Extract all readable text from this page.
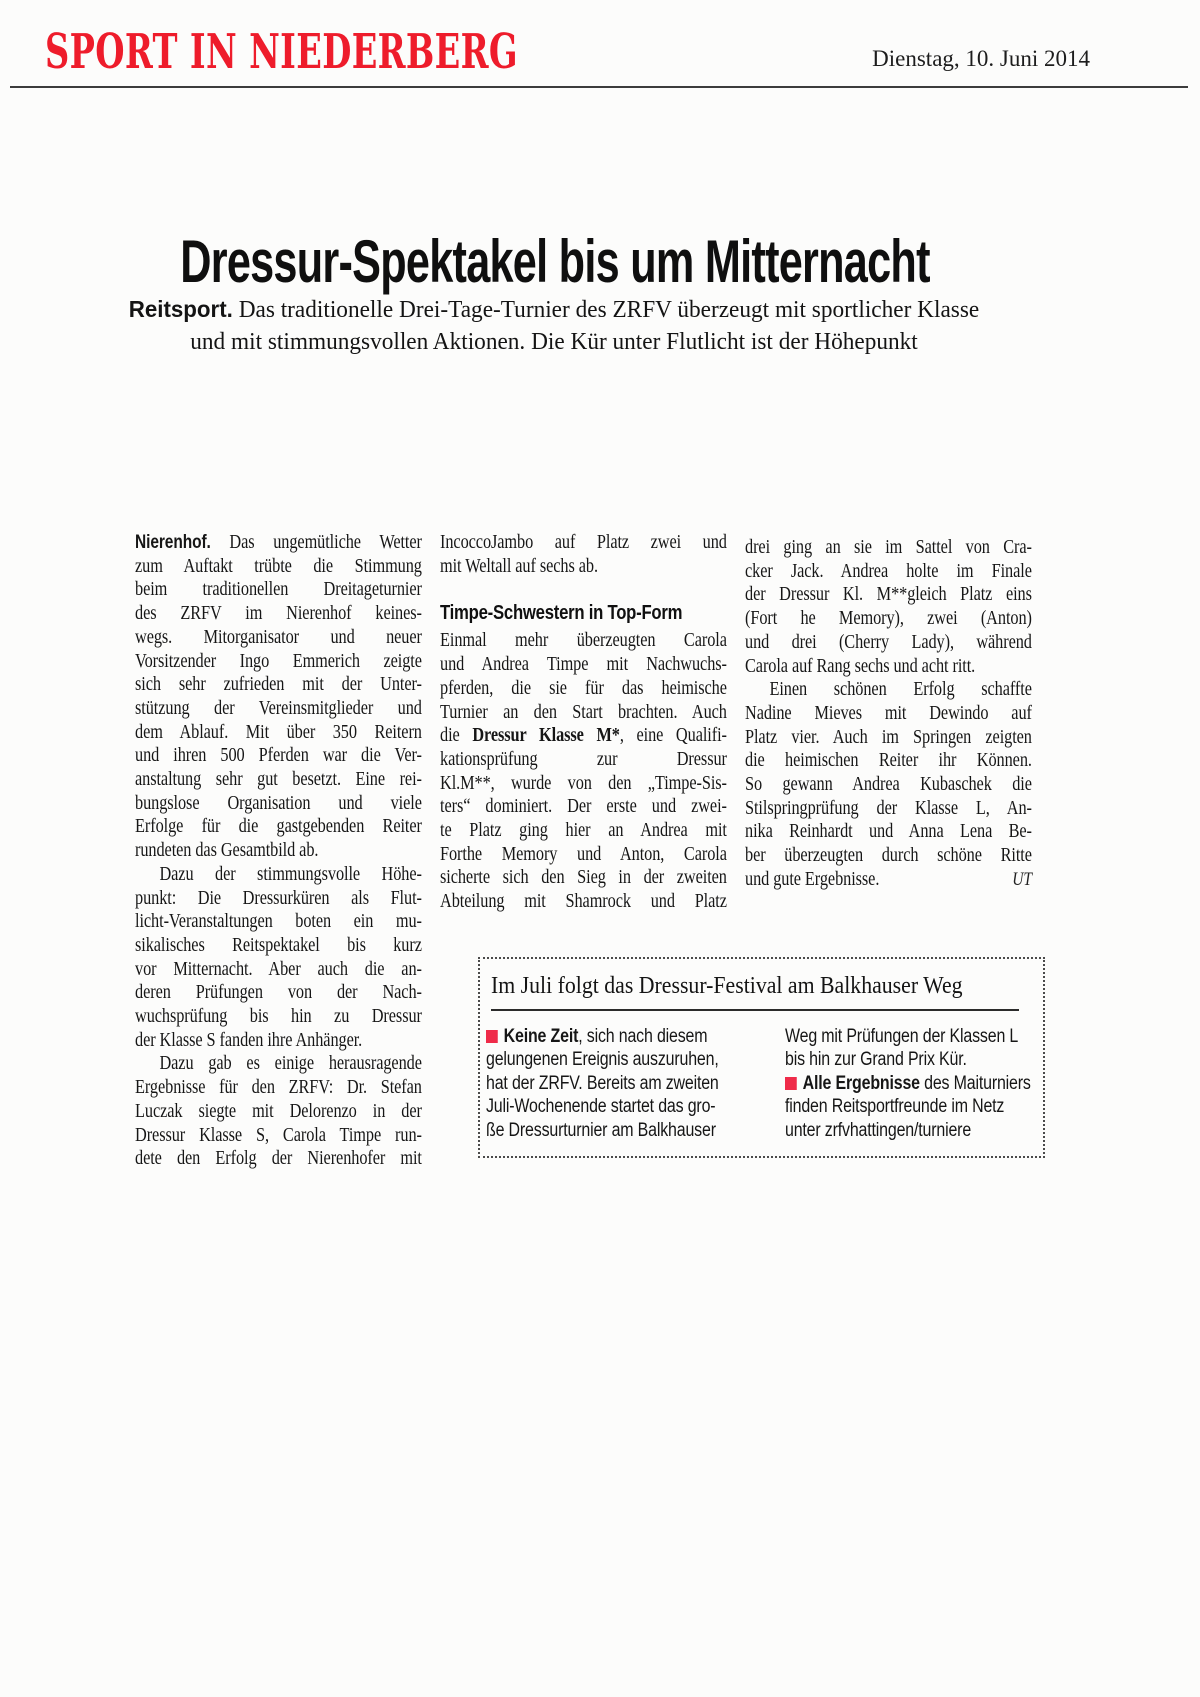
SPORT IN NIEDERBERG	Dienstag, 10. Juni 2014
Dressur-Spektakel bis um Mitternacht
Reitsport. Das traditionelle Drei-Tage-Turnier des ZRFV überzeugt mit sportlicher Klasse
und mit stimmungsvollen Aktionen. Die Kür unter Flutlicht ist der Höhepunkt
Nierenhof. Das ungemütliche Wetter
zum Auftakt trübte die Stimmung
beim traditionellen Dreitageturnier
des ZRFV im Nierenhof keines-
wegs. Mitorganisator und neuer
Vorsitzender Ingo Emmerich zeigte
sich sehr zufrieden mit der Unter-
stützung der Vereinsmitglieder und
dem Ablauf. Mit über 350 Reitern
und ihren 500 Pferden war die Ver-
anstaltung sehr gut besetzt. Eine rei-
bungslose Organisation und viele
Erfolge für die gastgebenden Reiter
rundeten das Gesamtbild ab.
Dazu der stimmungsvolle Höhe-
punkt: Die Dressurküren als Flut-
licht-Veranstaltungen boten ein mu-
sikalisches Reitspektakel bis kurz
vor Mitternacht. Aber auch die an-
deren Prüfungen von der Nach-
wuchsprüfung bis hin zu Dressur
der Klasse S fanden ihre Anhänger.
Dazu gab es einige herausragende
Ergebnisse für den ZRFV: Dr. Stefan
Luczak siegte mit Delorenzo in der
Dressur Klasse S, Carola Timpe run-
dete den Erfolg der Nierenhofer mit
IncoccoJambo auf Platz zwei und
mit Weltall auf sechs ab.
Timpe-Schwestern in Top-Form
Einmal mehr überzeugten Carola
und Andrea Timpe mit Nachwuchs-
pferden, die sie für das heimische
Turnier an den Start brachten. Auch
die Dressur Klasse M*, eine Qualifi-
kationsprüfung zur Dressur
Kl.M**, wurde von den „Timpe-Sis-
ters“ dominiert. Der erste und zwei-
te Platz ging hier an Andrea mit
Forthe Memory und Anton, Carola
sicherte sich den Sieg in der zweiten
Abteilung mit Shamrock und Platz
drei ging an sie im Sattel von Cra-
cker Jack. Andrea holte im Finale
der Dressur Kl. M**gleich Platz eins
(Fort he Memory), zwei (Anton)
und drei (Cherry Lady), während
Carola auf Rang sechs und acht ritt.
Einen schönen Erfolg schaffte
Nadine Mieves mit Dewindo auf
Platz vier. Auch im Springen zeigten
die heimischen Reiter ihr Können.
So gewann Andrea Kubaschek die
Stilspringprüfung der Klasse L, An-
nika Reinhardt und Anna Lena Be-
ber überzeugten durch schöne Ritte
und gute Ergebnisse.	UT
Im Juli folgt das Dressur-Festival am Balkhauser Weg
Keine Zeit, sich nach diesem
gelungenen Ereignis auszuruhen,
hat der ZRFV. Bereits am zweiten
Juli-Wochenende startet das gro-
ße Dressurturnier am Balkhauser
Weg mit Prüfungen der Klassen L
bis hin zur Grand Prix Kür.
Alle Ergebnisse des Maiturniers
finden Reitsportfreunde im Netz
unter zrfvhattingen/turniere
